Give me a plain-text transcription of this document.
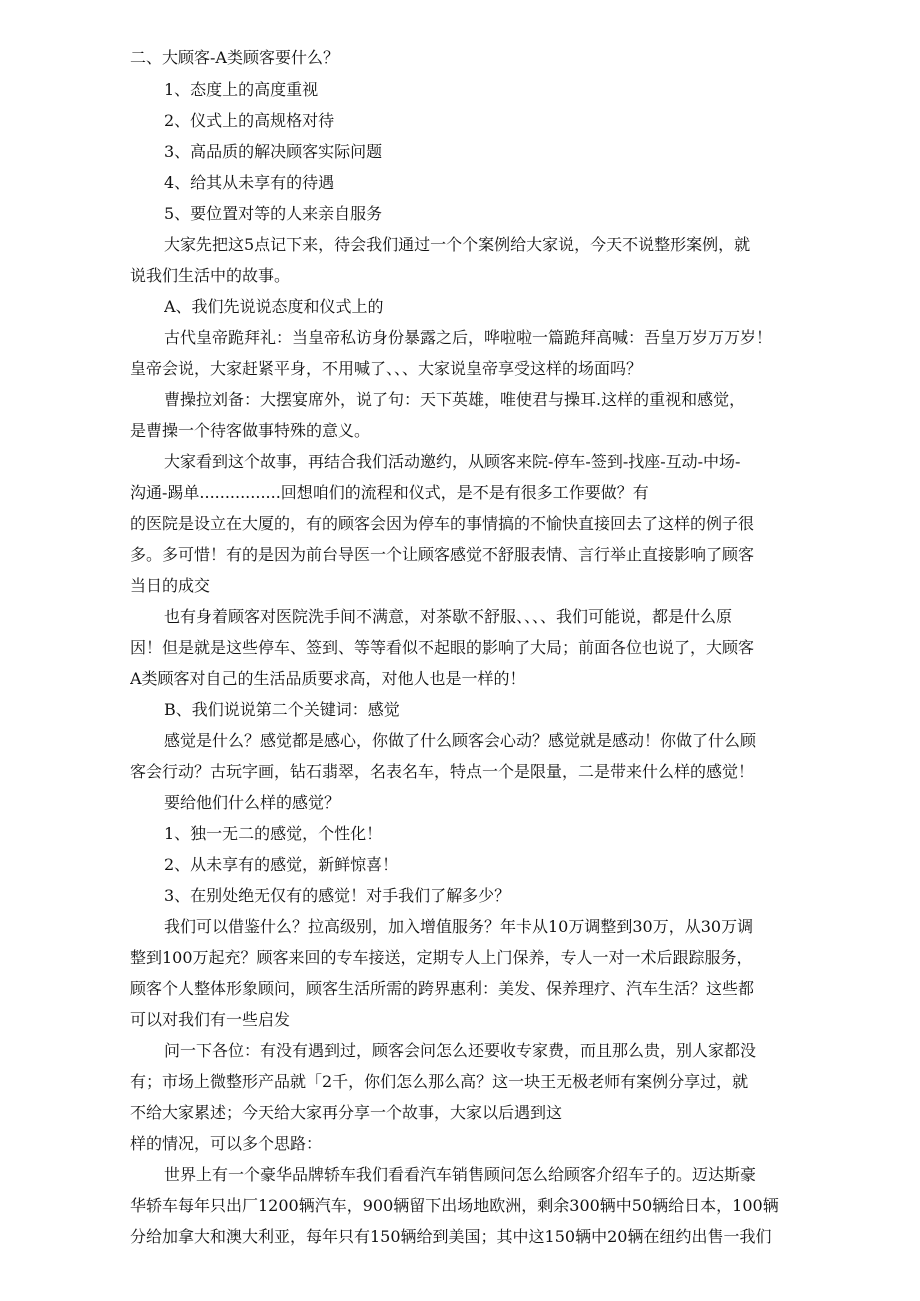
二、大顾客-A类顾客要什么？
1、态度上的高度重视
2、仪式上的高规格对待
3、高品质的解决顾客实际问题
4、给其从未享有的待遇
5、要位置对等的人来亲自服务
大家先把这5点记下来，待会我们通过一个个案例给大家说，今天不说整形案例，就
说我们生活中的故事。
A、我们先说说态度和仪式上的
古代皇帝跪拜礼：当皇帝私访身份暴露之后，哗啦啦一篇跪拜高喊：吾皇万岁万万岁！
皇帝会说，大家赶紧平身，不用喊了、、、大家说皇帝享受这样的场面吗？
曹操拉刘备：大摆宴席外，说了句：天下英雄，唯使君与操耳.这样的重视和感觉，
是曹操一个待客做事特殊的意义。
大家看到这个故事，再结合我们活动邀约，从顾客来院-停车-签到-找座-互动-中场-
沟通-踢单................回想咱们的流程和仪式，是不是有很多工作要做？有
的医院是设立在大厦的，有的顾客会因为停车的事情搞的不愉快直接回去了这样的例子很
多。多可惜！有的是因为前台导医一个让顾客感觉不舒服表情、言行举止直接影响了顾客
当日的成交
也有身着顾客对医院洗手间不满意，对茶歇不舒服、、、、我们可能说，都是什么原
因！但是就是这些停车、签到、等等看似不起眼的影响了大局；前面各位也说了，大顾客
A类顾客对自己的生活品质要求高，对他人也是一样的！
B、我们说说第二个关键词：感觉
感觉是什么？感觉都是感心，你做了什么顾客会心动？感觉就是感动！你做了什么顾
客会行动？古玩字画，钻石翡翠，名表名车，特点一个是限量，二是带来什么样的感觉！
要给他们什么样的感觉？
1、独一无二的感觉，个性化！
2、从未享有的感觉，新鲜惊喜！
3、在别处绝无仅有的感觉！对手我们了解多少？
我们可以借鉴什么？拉高级别，加入增值服务？年卡从10万调整到30万，从30万调
整到100万起充？顾客来回的专车接送，定期专人上门保养，专人一对一术后跟踪服务，
顾客个人整体形象顾问，顾客生活所需的跨界惠利：美发、保养理疗、汽车生活？这些都
可以对我们有一些启发
问一下各位：有没有遇到过，顾客会问怎么还要收专家费，而且那么贵，别人家都没
有；市场上微整形产品就「2千，你们怎么那么高？这一块王无极老师有案例分享过，就
不给大家累述；今天给大家再分享一个故事，大家以后遇到这
样的情况，可以多个思路：
世界上有一个豪华品牌轿车我们看看汽车销售顾问怎么给顾客介绍车子的。迈达斯豪
华轿车每年只出厂1200辆汽车，900辆留下出场地欧洲，剩余300辆中50辆给日本，100辆
分给加拿大和澳大利亚，每年只有150辆给到美国；其中这150辆中20辆在纽约出售一我们
